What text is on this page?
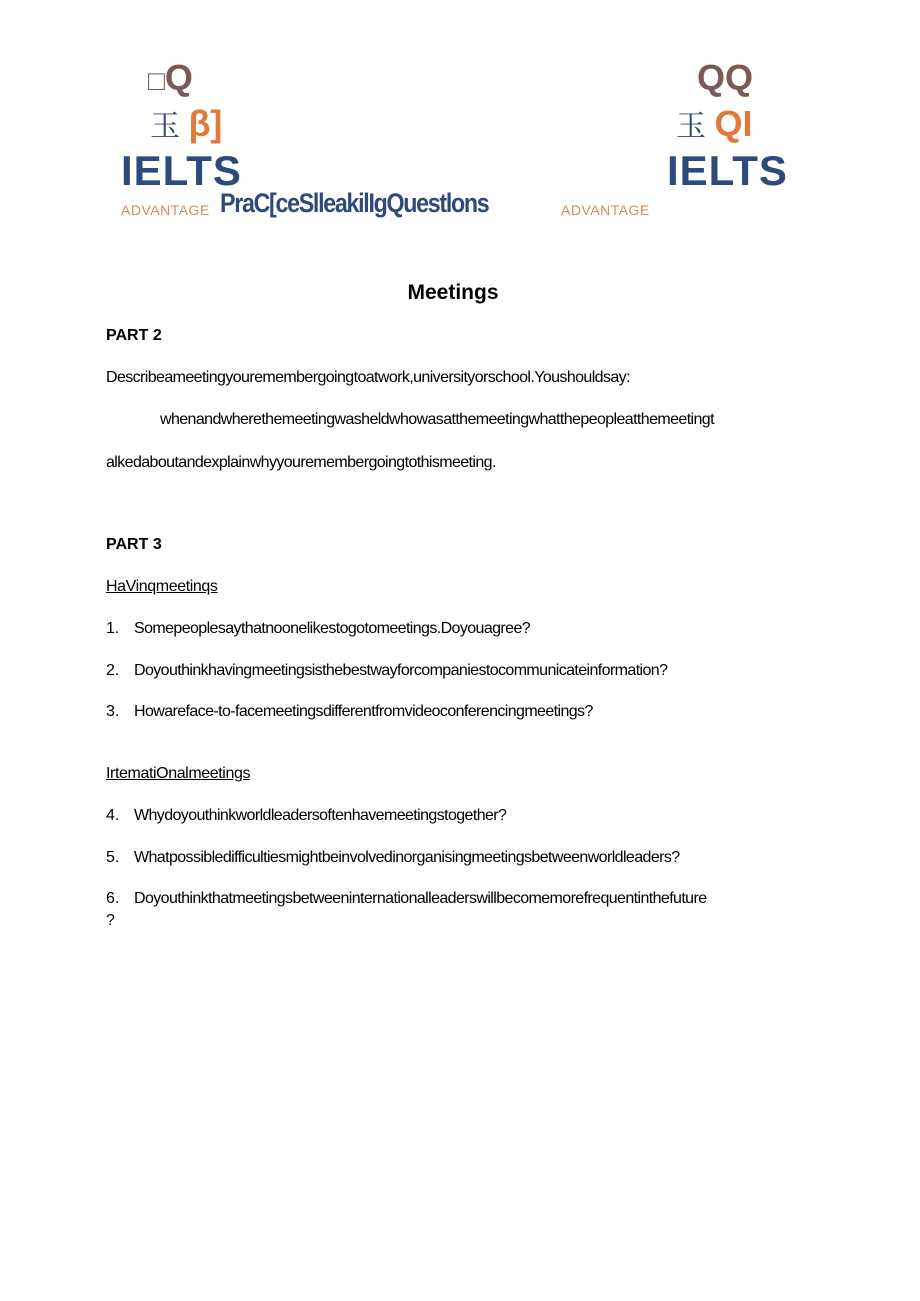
□Q
玉 β]
IELTS
ADVANTAGE PraC[ceSlleakilIgQuestlons
QQ
玉 QI
IELTS
ADVANTAGE
Meetings
PART 2
Describeameetingyouremembergoingtoatwork,universityorschool.Youshouldsay:
whenandwherethemeetingwasheldwhowasatthemeetingwhatthepeopleatthemeetingt
alkedaboutandexplainwhyyouremembergoingtothismeeting.
PART 3
HaVinqmeetinqs
1. Somepeoplesaythatnoonelikestogotomeetings.Doyouagree?
2. Doyouthinkhavingmeetingsisthebestwayforcompaniestocommunicateinformation?
3. Howareface-to-facemeetingsdifferentfromvideoconferencingmeetings?
IrtematiOnalmeetings
4. Whydoyouthinkworldleadersoftenhavemeetingstogether?
5. Whatpossibledifficultiesmightbeinvolvedinorganisingmeetingsbetweenworldleaders?
6. Doyouthinkthatmeetingsbetweeninternationalleaderswillbecomemorefrequentinthefuture
?
